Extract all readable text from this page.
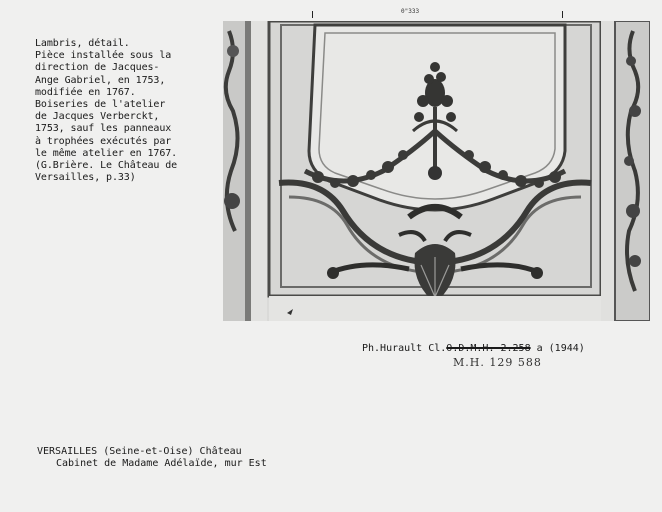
Lambris, détail.
Pièce installée sous la
direction de Jacques-
Ange Gabriel, en 1753,
modifiée en 1767.
Boiseries de l'atelier
de Jacques Verberckt,
1753, sauf les panneaux
à trophées exécutés par
le même atelier en 1767.
(G.Brière. Le Château de
Versailles, p.33)
0"333
Ph.Hurault Cl.O.D.M.H. 2.258 a (1944)
M.H. 129 588
VERSAILLES (Seine-et-Oise) Château
Cabinet de Madame Adélaïde, mur Est
